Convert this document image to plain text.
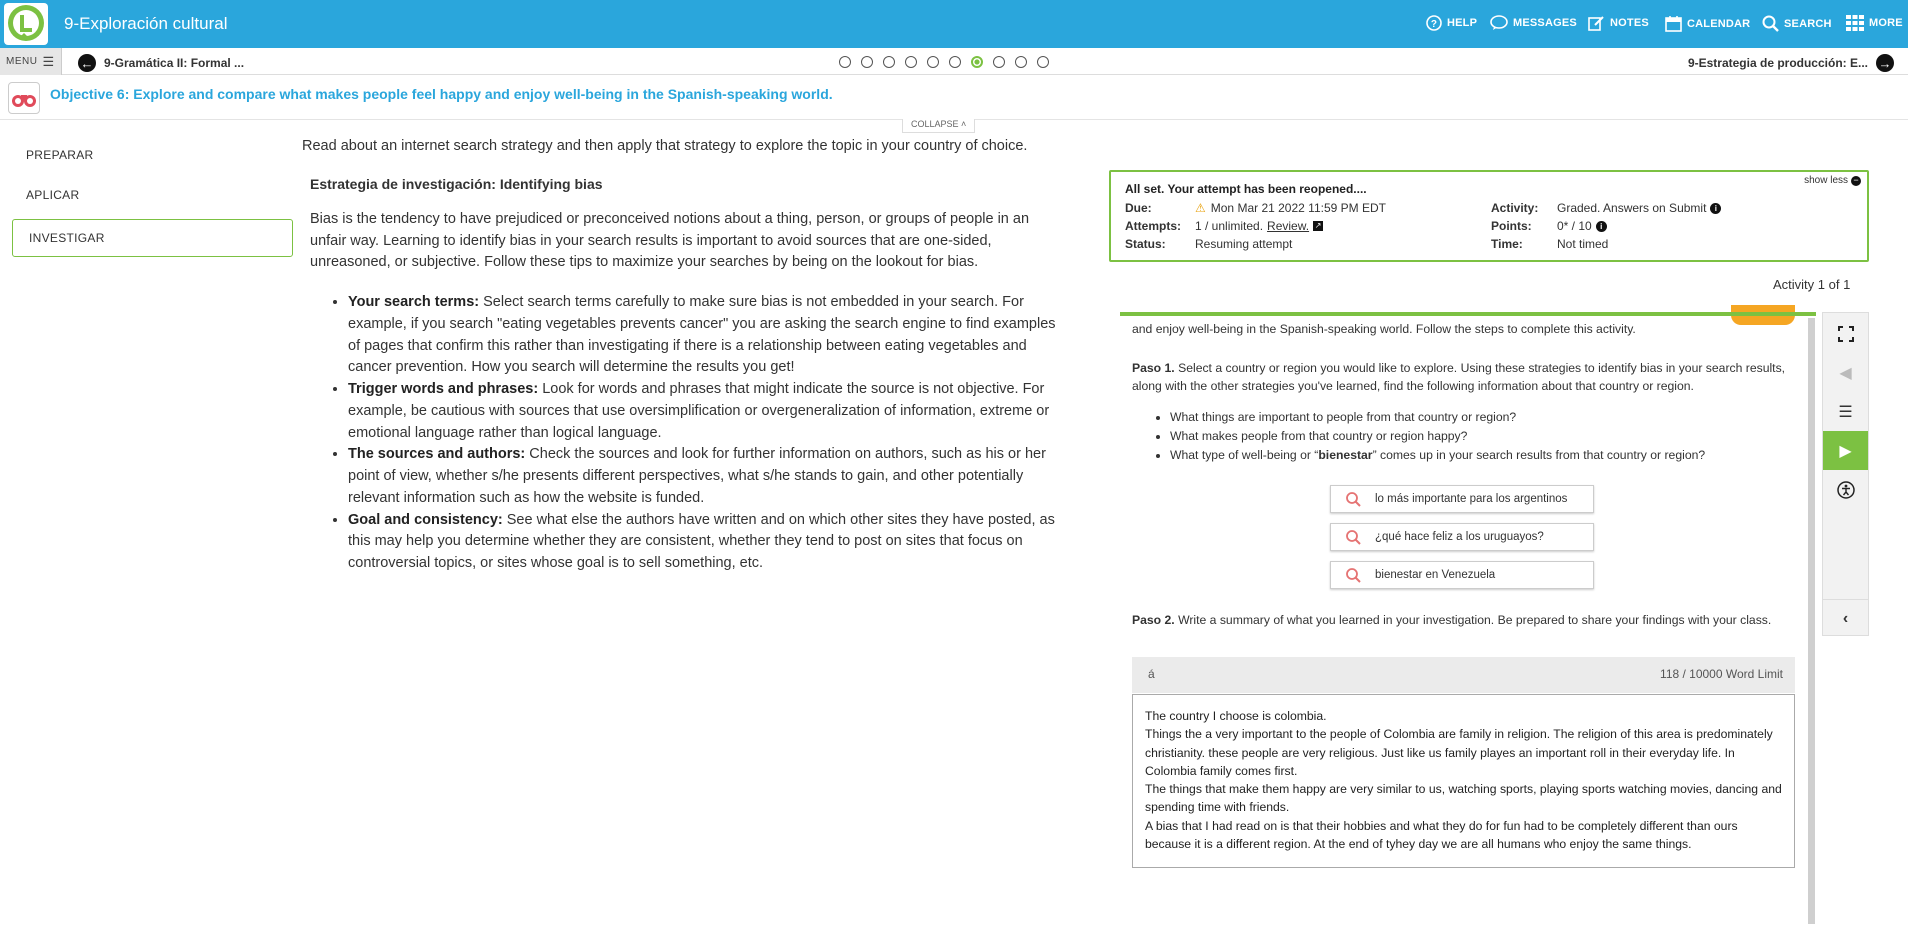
9-Exploración cultural	? HELP	MESSAGES	NOTES	CALENDAR	SEARCH	MORE
MENU ☰ ← 9-Gramática II: Formal ...	9-Estrategia de producción: E... →
Objective 6: Explore and compare what makes people feel happy and enjoy well-being in the Spanish-speaking world.
COLLAPSE ˄
PREPARAR
APLICAR
INVESTIGAR

Read about an internet search strategy and then apply that strategy to explore the topic in your country of choice.

Estrategia de investigación: Identifying bias

Bias is the tendency to have prejudiced or preconceived notions about a thing, person, or groups of people in an unfair way. Learning to identify bias in your search results is important to avoid sources that are one-sided, unreasoned, or subjective. Follow these tips to maximize your searches by being on the lookout for bias.

• Your search terms: Select search terms carefully to make sure bias is not embedded in your search. For example, if you search "eating vegetables prevents cancer" you are asking the search engine to find examples of pages that confirm this rather than investigating if there is a relationship between eating vegetables and cancer prevention. How you search will determine the results you get!
• Trigger words and phrases: Look for words and phrases that might indicate the source is not objective. For example, be cautious with sources that use oversimplification or overgeneralization of information, extreme or emotional language rather than logical language.
• The sources and authors: Check the sources and look for further information on authors, such as his or her point of view, whether s/he presents different perspectives, what s/he stands to gain, and other potentially relevant information such as how the website is funded.
• Goal and consistency: See what else the authors have written and on which other sites they have posted, as this may help you determine whether they are consistent, whether they tend to post on sites that focus on controversial topics, or sites whose goal is to sell something, etc.
show less −
All set. Your attempt has been reopened....
Due:	⚠ Mon Mar 21 2022 11:59 PM EDT
Attempts: 1 / unlimited. Review. ↗
Status: Resuming attempt
Activity: Graded. Answers on Submit	i
Points: 0* / 10	i
Time:	Not timed
Activity 1 of 1
and enjoy well-being in the Spanish-speaking world. Follow the steps to complete this activity.
Paso 1. Select a country or region you would like to explore. Using these strategies to identify bias in your search results, along with the other strategies you've learned, find the following information about that country or region.
• What things are important to people from that country or region?
• What makes people from that country or region happy?
• What type of well-being or “bienestar” comes up in your search results from that country or region?
lo más importante para los argentinos
¿qué hace feliz a los uruguayos?
bienestar en Venezuela
Paso 2. Write a summary of what you learned in your investigation. Be prepared to share your findings with your class.
á	118 / 10000 Word Limit
The country I choose is colombia.
Things the a very important to the people of Colombia are family in religion. The religion of this area is predominately christianity. these people are very religious. Just like us family playes an important roll in their everyday life. In Colombia family comes first.
The things that make them happy are very similar to us, watching sports, playing sports watching movies, dancing and spending time with friends.
A bias that I had read on is that their hobbies and what they do for fun had to be completely different than ours because it is a different region. At the end of tyhey day we are all humans who enjoy the same things.
◀
☰
▶
‹
